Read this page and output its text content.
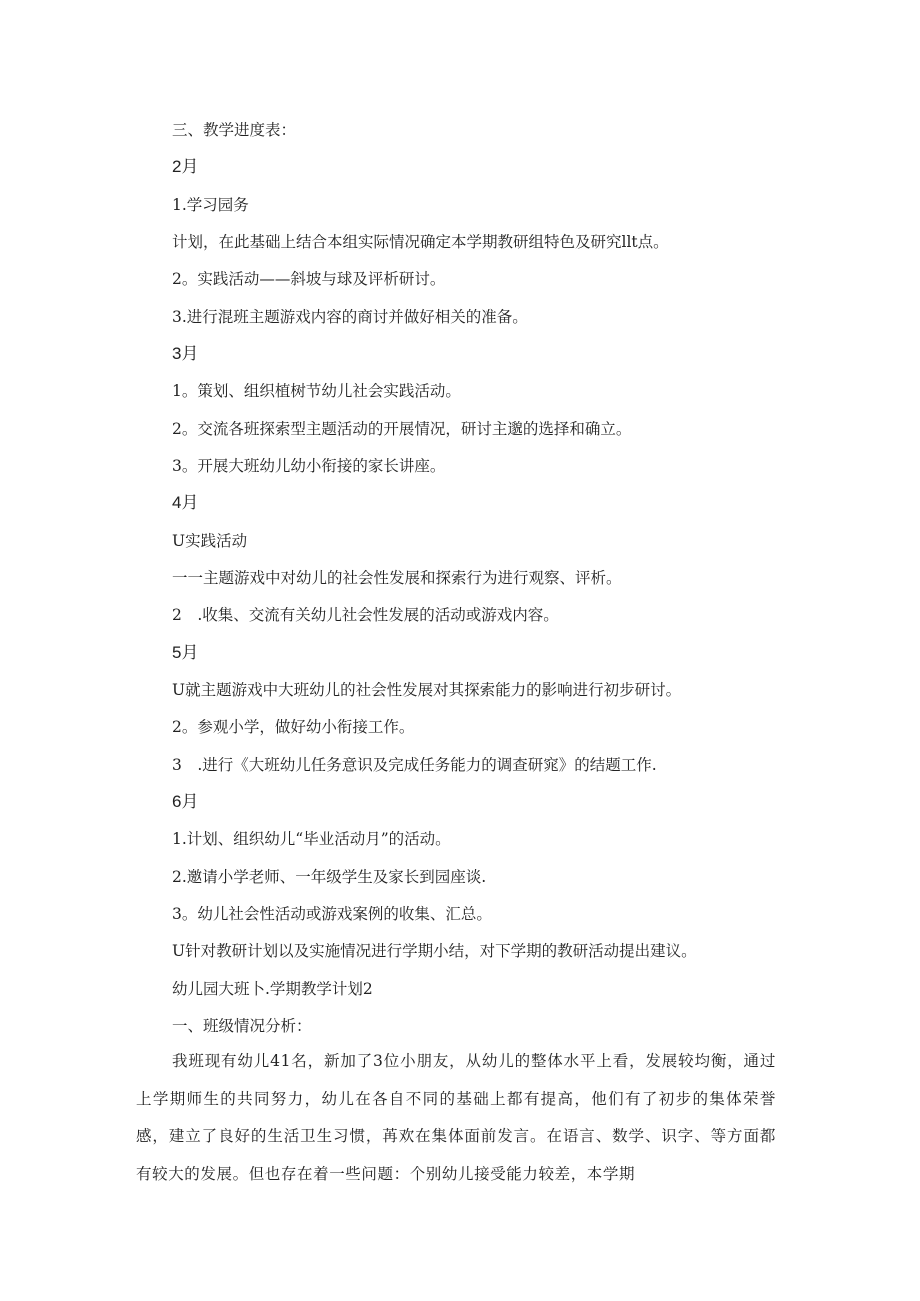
三、教学进度表：
2月
1.学习园务
计划，在此基础上结合本组实际情况确定本学期教研组特色及研究llt点。
2。实践活动——斜坡与球及评析研讨。
3.进行混班主题游戏内容的商讨并做好相关的准备。
3月
1。策划、组织植树节幼儿社会实践活动。
2。交流各班探索型主题活动的开展情况，研讨主邈的选择和确立。
3。开展大班幼儿幼小衔接的家长讲座。
4月
U实践活动
一一主题游戏中对幼儿的社会性发展和探索行为进行观察、评析。
2　.收集、交流有关幼儿社会性发展的活动或游戏内容。
5月
U就主题游戏中大班幼儿的社会性发展对其探索能力的影响进行初步研讨。
2。参观小学，做好幼小衔接工作。
3　.进行《大班幼儿任务意识及完成任务能力的调查研窕》的结题工作.
6月
1.计划、组织幼儿“毕业活动月”的活动。
2.邀请小学老师、一年级学生及家长到园座谈.
3。幼儿社会性活动或游戏案例的收集、汇总。
U针对教研计划以及实施情况进行学期小结，对下学期的教研活动提出建议。
幼儿园大班卜.学期教学计划2
一、班级情况分析：
我班现有幼儿41名，新加了3位小朋友，从幼儿的整体水平上看，发展较均衡，通过上学期师生的共同努力，幼儿在各自不同的基础上都有提高，他们有了初步的集体荣誉感，建立了良好的生活卫生习惯，苒欢在集体面前发言。在语言、数学、识字、等方面都有较大的发展。但也存在着一些问题：个别幼儿接受能力较差，本学期
